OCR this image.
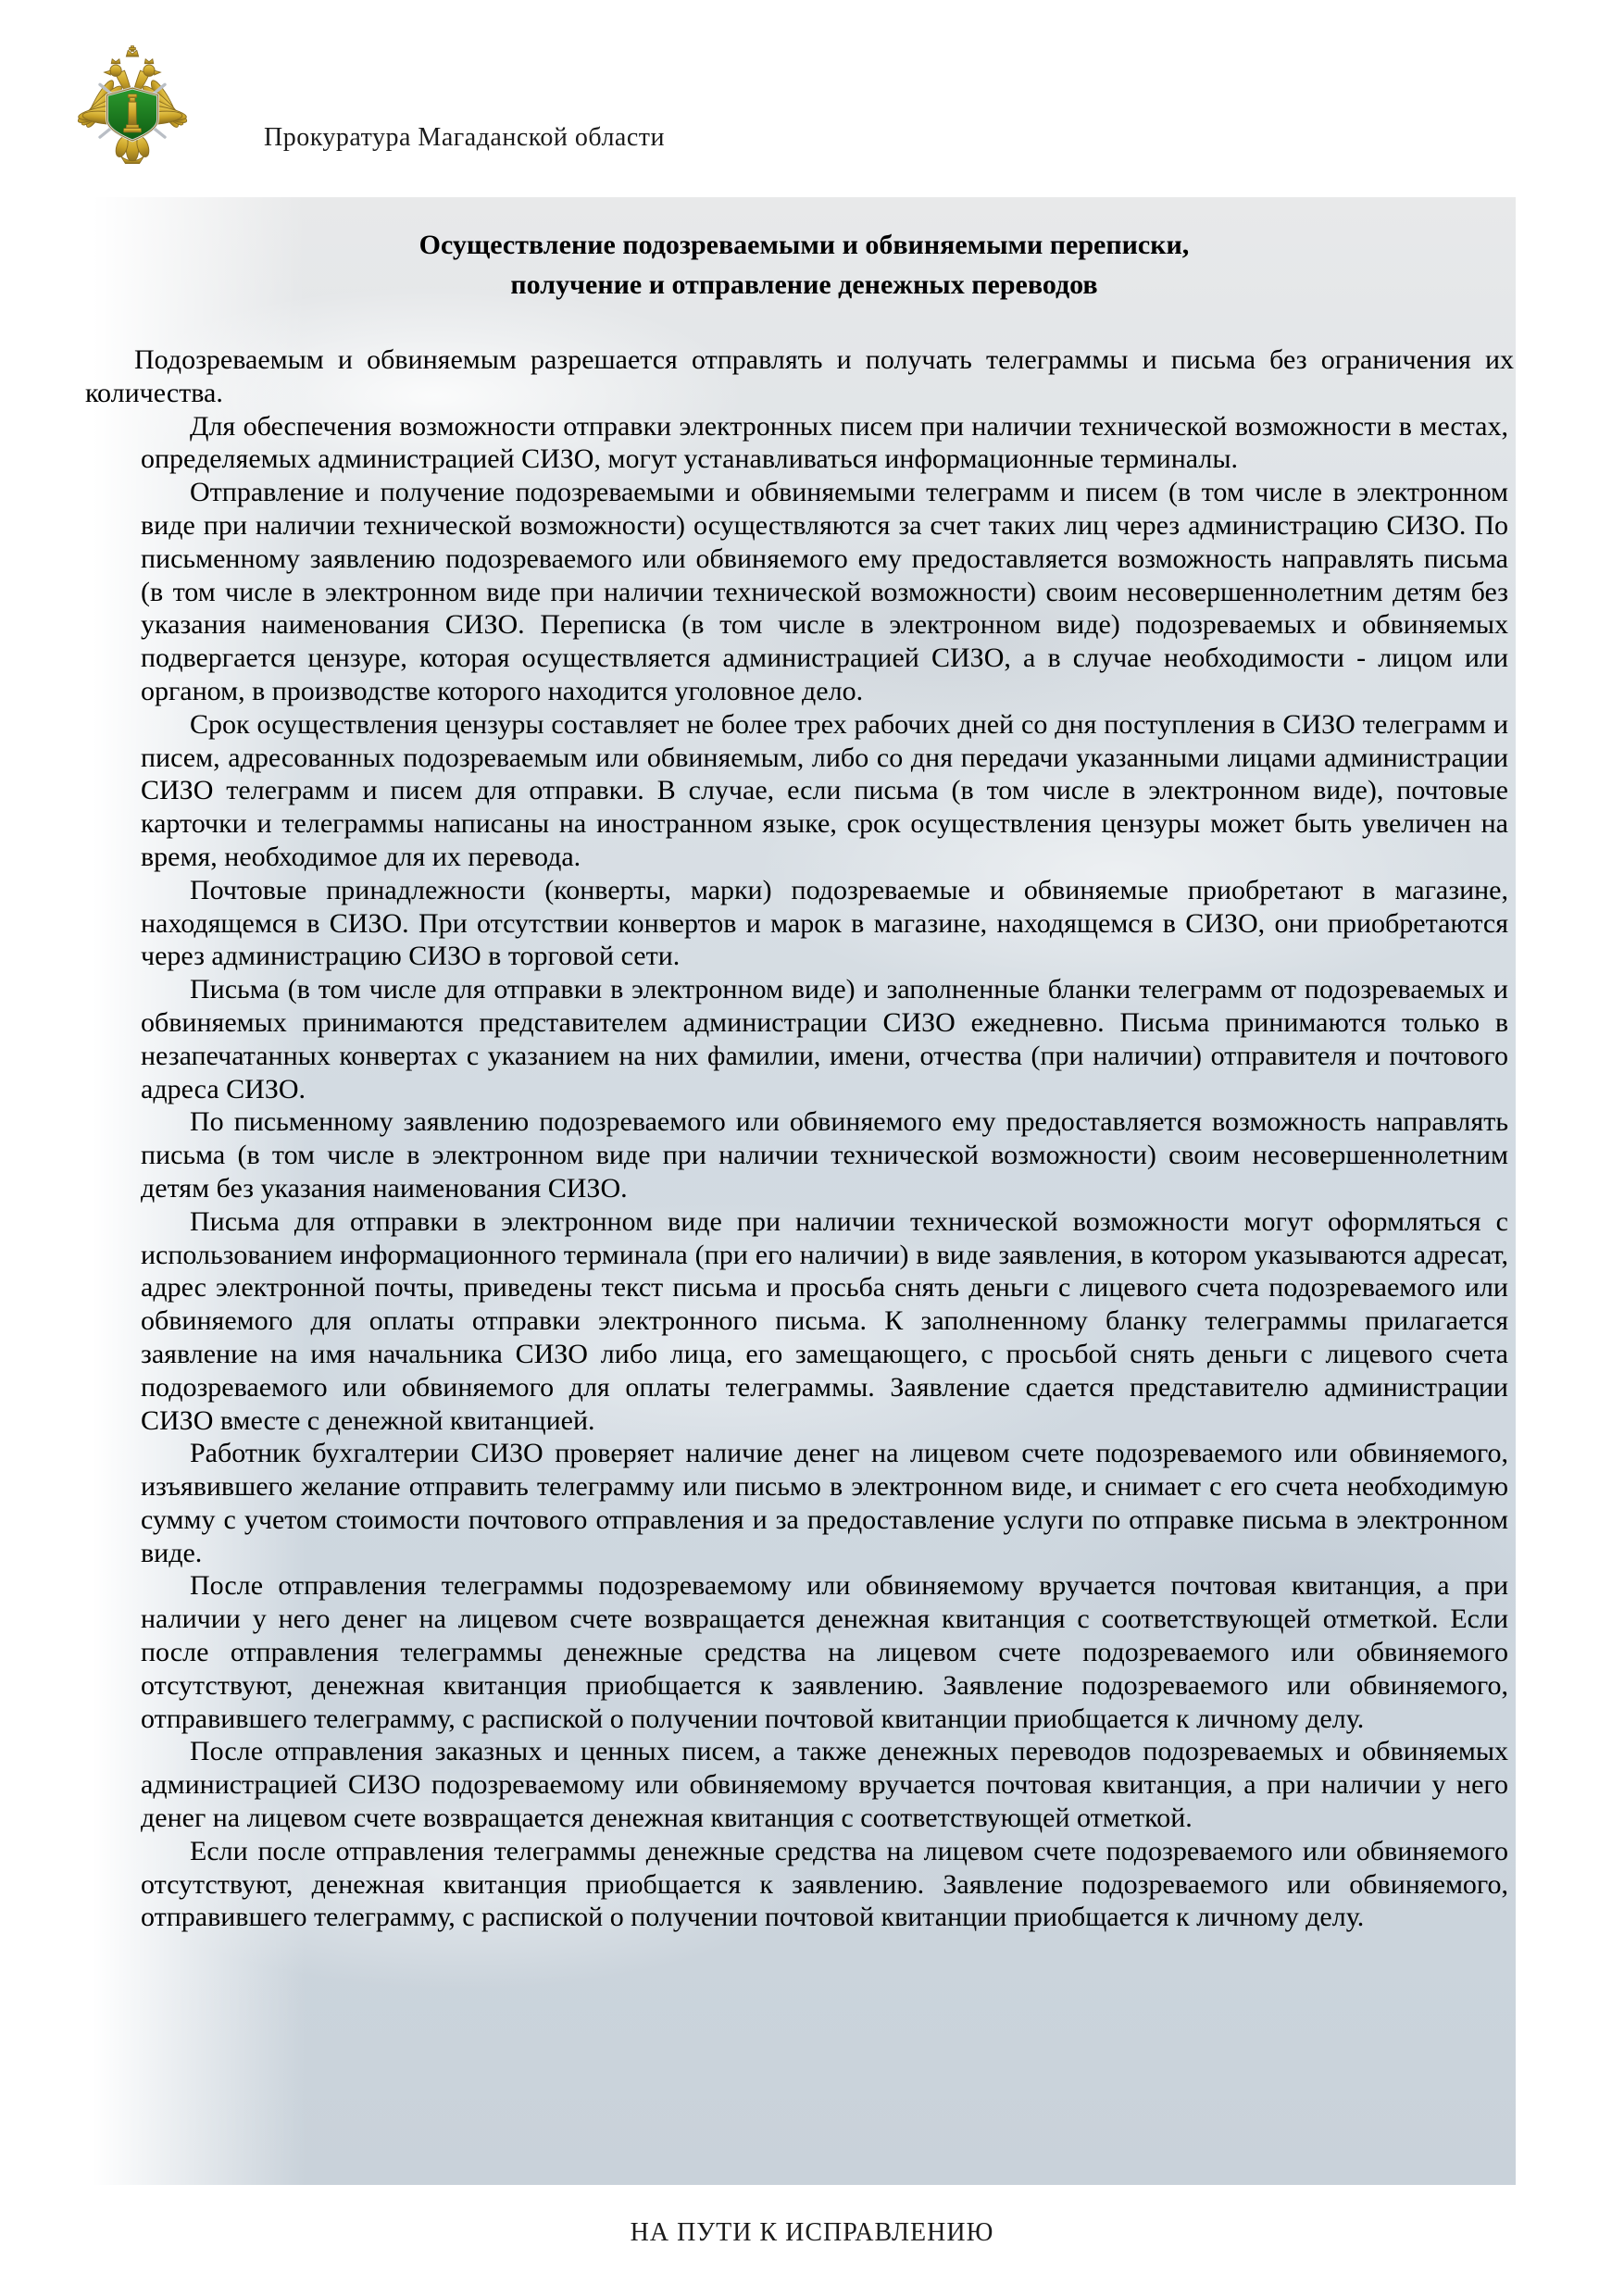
Прокуратура Магаданской области
Осуществление подозреваемыми и обвиняемыми переписки,
получение и отправление денежных переводов

Подозреваемым и обвиняемым разрешается отправлять и получать телеграммы и письма без ограничения их количества.

Для обеспечения возможности отправки электронных писем при наличии технической возможности в местах, определяемых администрацией СИЗО, могут устанавливаться информационные терминалы.

Отправление и получение подозреваемыми и обвиняемыми телеграмм и писем (в том числе в электронном виде при наличии технической возможности) осуществляются за счет таких лиц через администрацию СИЗО. По письменному заявлению подозреваемого или обвиняемого ему предоставляется возможность направлять письма (в том числе в электронном виде при наличии технической возможности) своим несовершеннолетним детям без указания наименования СИЗО. Переписка (в том числе в электронном виде) подозреваемых и обвиняемых подвергается цензуре, которая осуществляется администрацией СИЗО, а в случае необходимости - лицом или органом, в производстве которого находится уголовное дело.

Срок осуществления цензуры составляет не более трех рабочих дней со дня поступления в СИЗО телеграмм и писем, адресованных подозреваемым или обвиняемым, либо со дня передачи указанными лицами администрации СИЗО телеграмм и писем для отправки. В случае, если письма (в том числе в электронном виде), почтовые карточки и телеграммы написаны на иностранном языке, срок осуществления цензуры может быть увеличен на время, необходимое для их перевода.

Почтовые принадлежности (конверты, марки) подозреваемые и обвиняемые приобретают в магазине, находящемся в СИЗО. При отсутствии конвертов и марок в магазине, находящемся в СИЗО, они приобретаются через администрацию СИЗО в торговой сети.

Письма (в том числе для отправки в электронном виде) и заполненные бланки телеграмм от подозреваемых и обвиняемых принимаются представителем администрации СИЗО ежедневно. Письма принимаются только в незапечатанных конвертах с указанием на них фамилии, имени, отчества (при наличии) отправителя и почтового адреса СИЗО.

По письменному заявлению подозреваемого или обвиняемого ему предоставляется возможность направлять письма (в том числе в электронном виде при наличии технической возможности) своим несовершеннолетним детям без указания наименования СИЗО.

Письма для отправки в электронном виде при наличии технической возможности могут оформляться с использованием информационного терминала (при его наличии) в виде заявления, в котором указываются адресат, адрес электронной почты, приведены текст письма и просьба снять деньги с лицевого счета подозреваемого или обвиняемого для оплаты отправки электронного письма. К заполненному бланку телеграммы прилагается заявление на имя начальника СИЗО либо лица, его замещающего, с просьбой снять деньги с лицевого счета подозреваемого или обвиняемого для оплаты телеграммы. Заявление сдается представителю администрации СИЗО вместе с денежной квитанцией.

Работник бухгалтерии СИЗО проверяет наличие денег на лицевом счете подозреваемого или обвиняемого, изъявившего желание отправить телеграмму или письмо в электронном виде, и снимает с его счета необходимую сумму с учетом стоимости почтового отправления и за предоставление услуги по отправке письма в электронном виде.

После отправления телеграммы подозреваемому или обвиняемому вручается почтовая квитанция, а при наличии у него денег на лицевом счете возвращается денежная квитанция с соответствующей отметкой. Если после отправления телеграммы денежные средства на лицевом счете подозреваемого или обвиняемого отсутствуют, денежная квитанция приобщается к заявлению. Заявление подозреваемого или обвиняемого, отправившего телеграмму, с распиской о получении почтовой квитанции приобщается к личному делу.

После отправления заказных и ценных писем, а также денежных переводов подозреваемых и обвиняемых администрацией СИЗО подозреваемому или обвиняемому вручается почтовая квитанция, а при наличии у него денег на лицевом счете возвращается денежная квитанция с соответствующей отметкой.

Если после отправления телеграммы денежные средства на лицевом счете подозреваемого или обвиняемого отсутствуют, денежная квитанция приобщается к заявлению. Заявление подозреваемого или обвиняемого, отправившего телеграмму, с распиской о получении почтовой квитанции приобщается к личному делу.

НА ПУТИ К ИСПРАВЛЕНИЮ
